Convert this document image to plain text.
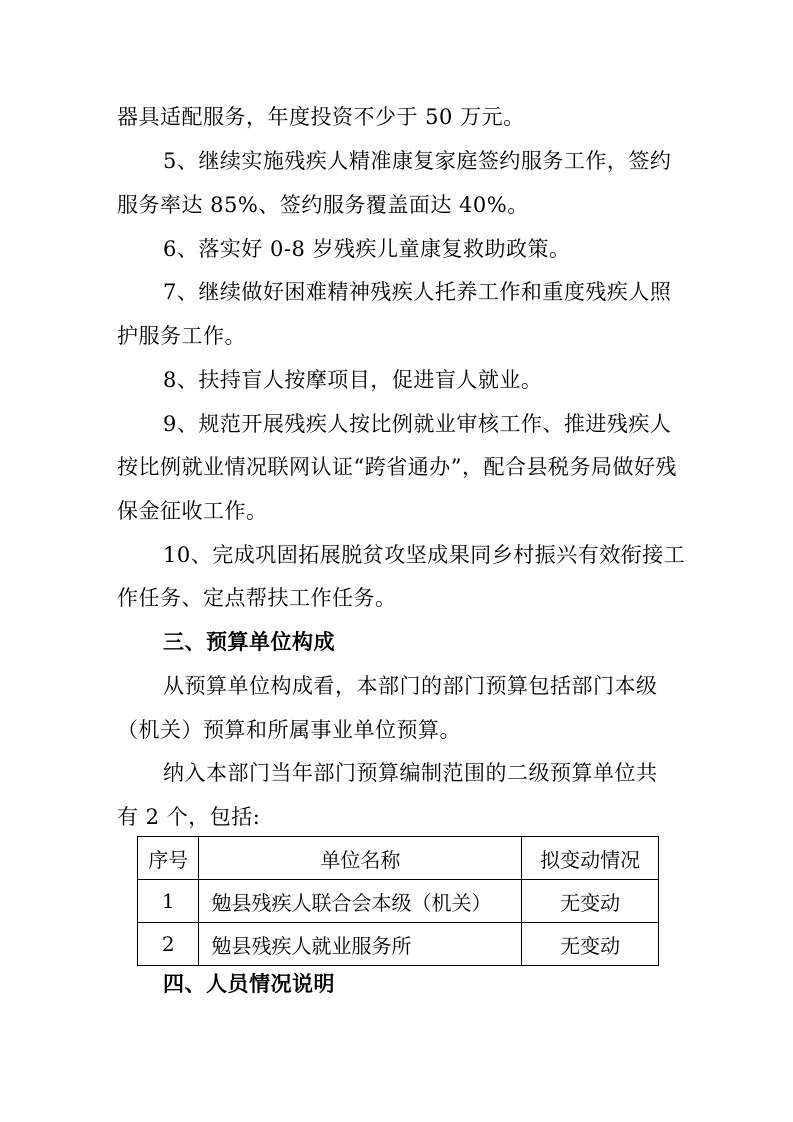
器具适配服务，年度投资不少于 50 万元。
5、继续实施残疾人精准康复家庭签约服务工作，签约
服务率达 85%、签约服务覆盖面达 40%。
6、落实好 0-8 岁残疾儿童康复救助政策。
7、继续做好困难精神残疾人托养工作和重度残疾人照
护服务工作。
8、扶持盲人按摩项目，促进盲人就业。
9、规范开展残疾人按比例就业审核工作、推进残疾人
按比例就业情况联网认证“跨省通办”，配合县税务局做好残
保金征收工作。
10、完成巩固拓展脱贫攻坚成果同乡村振兴有效衔接工
作任务、定点帮扶工作任务。
三、预算单位构成
从预算单位构成看，本部门的部门预算包括部门本级
（机关）预算和所属事业单位预算。
纳入本部门当年部门预算编制范围的二级预算单位共
有 2 个，包括:
序号	单位名称	拟变动情况
1	勉县残疾人联合会本级（机关）	无变动
2	勉县残疾人就业服务所	无变动
四、人员情况说明
